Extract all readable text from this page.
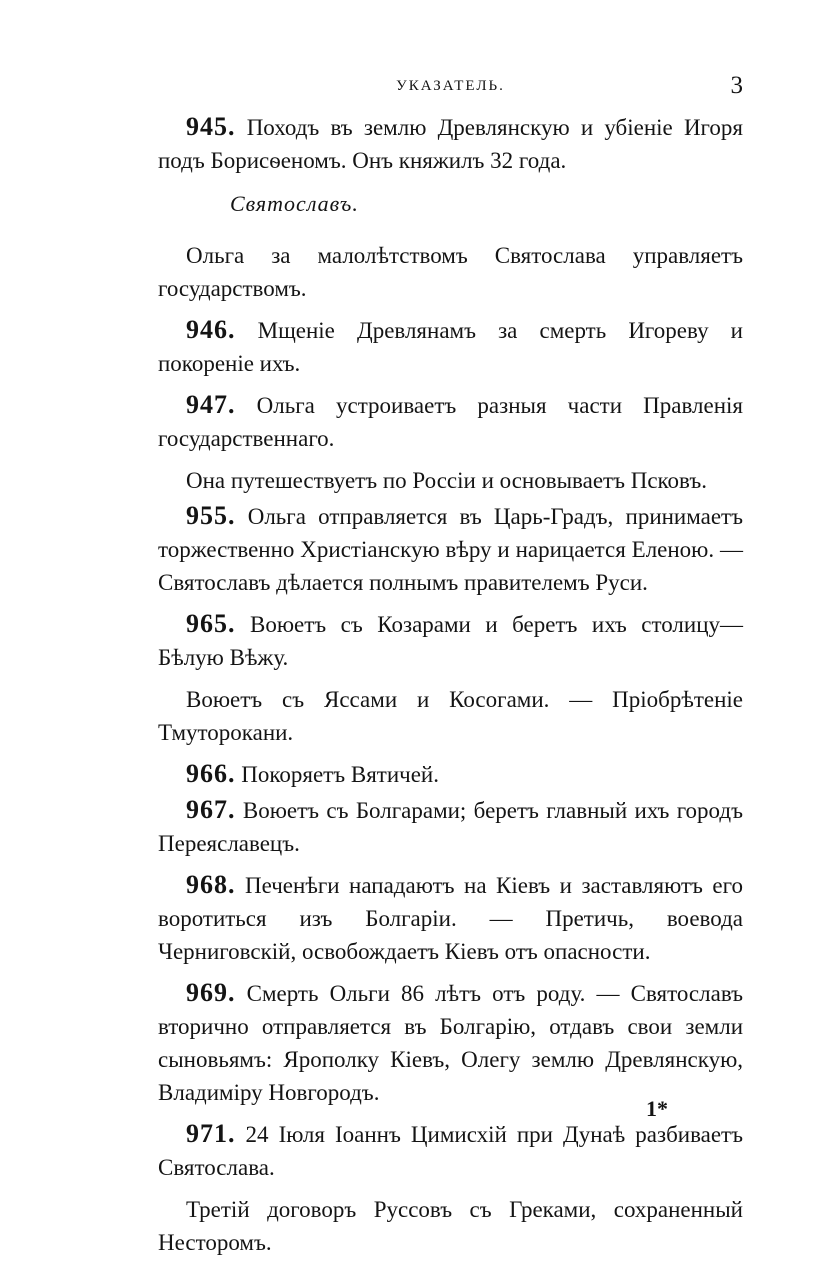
УКАЗАТЕЛЬ.	3

945. Походъ въ землю Древлянскую и убіеніе Игоря подъ Борисѳеномъ. Онъ княжилъ 32 года.

Святославъ.

Ольга за малолѣтствомъ Святослава управляетъ государствомъ.

946. Мщеніе Древлянамъ за смерть Игореву и покореніе ихъ.

947. Ольга устроиваетъ разныя части Правленія государственнаго.

Она путешествуетъ по Россіи и основываетъ Псковъ.

955. Ольга отправляется въ Царь-Градъ, принимаетъ торжественно Христіанскую вѣру и нарицается Еленою. — Святославъ дѣлается полнымъ правителемъ Руси.

965. Воюетъ съ Козарами и беретъ ихъ столицу—Бѣлую Вѣжу.

Воюетъ съ Яссами и Косогами. — Пріобрѣтеніе Тмуторокани.

966. Покоряетъ Вятичей.

967. Воюетъ съ Болгарами; беретъ главный ихъ городъ Переяславецъ.

968. Печенѣги нападаютъ на Кіевъ и заставляютъ его воротиться изъ Болгаріи. — Претичь, воевода Черниговскій, освобождаетъ Кіевъ отъ опасности.

969. Смерть Ольги 86 лѣтъ отъ роду. — Святославъ вторично отправляется въ Болгарію, отдавъ свои земли сыновьямъ: Ярополку Кіевъ, Олегу землю Древлянскую, Владиміру Новгородъ.

971. 24 Іюля Іоаннъ Цимисхій при Дунаѣ разбиваетъ Святослава.

Третій договоръ Руссовъ съ Греками, сохраненный Несторомъ.

1*
